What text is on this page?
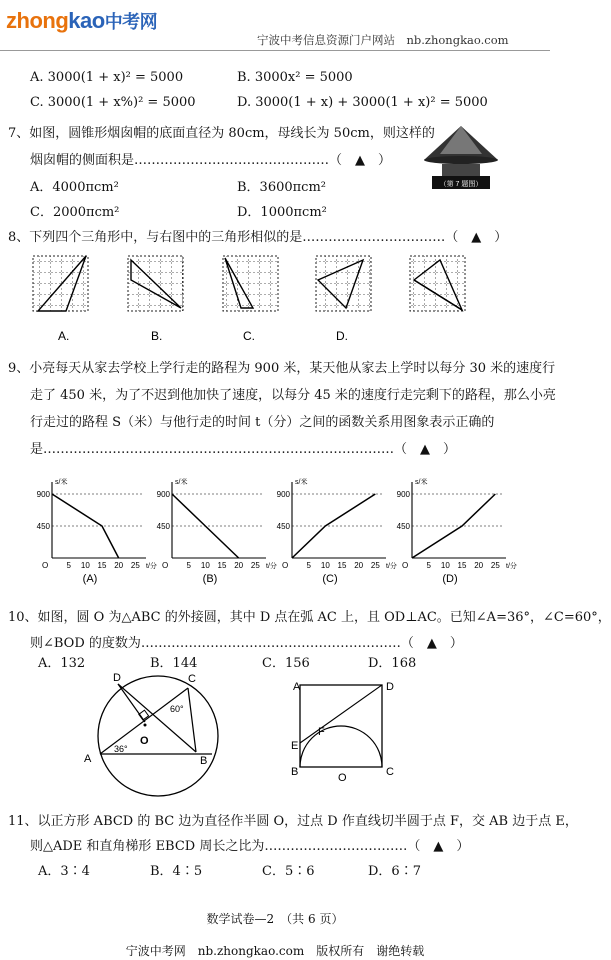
zhongkao中考网
宁波中考信息资源门户网站　nb.zhongkao.com
A. 3000(1 + x)² = 5000	B. 3000x² = 5000
C. 3000(1 + x%)² = 5000	D. 3000(1 + x) + 3000(1 + x)² = 5000
7、如图，圆锥形烟囱帽的底面直径为 80cm，母线长为 50cm，则这样的
烟囱帽的侧面积是………………………………………（　▲　）
A．4000πcm²	B．3600πcm²
C．2000πcm²	D．1000πcm²
（第 7 题图）
8、下列四个三角形中，与右图中的三角形相似的是……………………………（　▲　）
A.	B.	C.	D.
9、小亮每天从家去学校上学行走的路程为 900 米，某天他从家去上学时以每分 30 米的速度行
走了 450 米，为了不迟到他加快了速度，以每分 45 米的速度行走完剩下的路程，那么小亮
行走过的路程 S（米）与他行走的时间 t（分）之间的函数关系用图象表示正确的
是………………………………………………………………………（　▲　）
900
450
5 10 15 20 25
O
s/米
t/分
(A)
900
450
5 10 15 20 25
O
s/米
t/分
(B)
900
450
5 10 15 20 25
O
s/米
t/分
(C)
900
450
5 10 15 20 25
O
s/米
t/分
(D)
10、如图，圆 O 为△ABC 的外接圆，其中 D 点在弧 AC 上，且 OD⊥AC。已知∠A=36°，∠C=60°，
则∠BOD 的度数为……………………………………………………（　▲　）
A．132	B．144	C．156	D．168
O
D	C
A	B
36°
60°
A	D
F
E
B	O	C
11、以正方形 ABCD 的 BC 边为直径作半圆 O，过点 D 作直线切半圆于点 F，交 AB 边于点 E，
则△ADE 和直角梯形 EBCD 周长之比为……………………………（　▲　）
A．3∶4	B．4∶5	C．5∶6	D．6∶7
数学试卷—2　（共 6 页）
宁波中考网　nb.zhongkao.com　版权所有　谢绝转载
